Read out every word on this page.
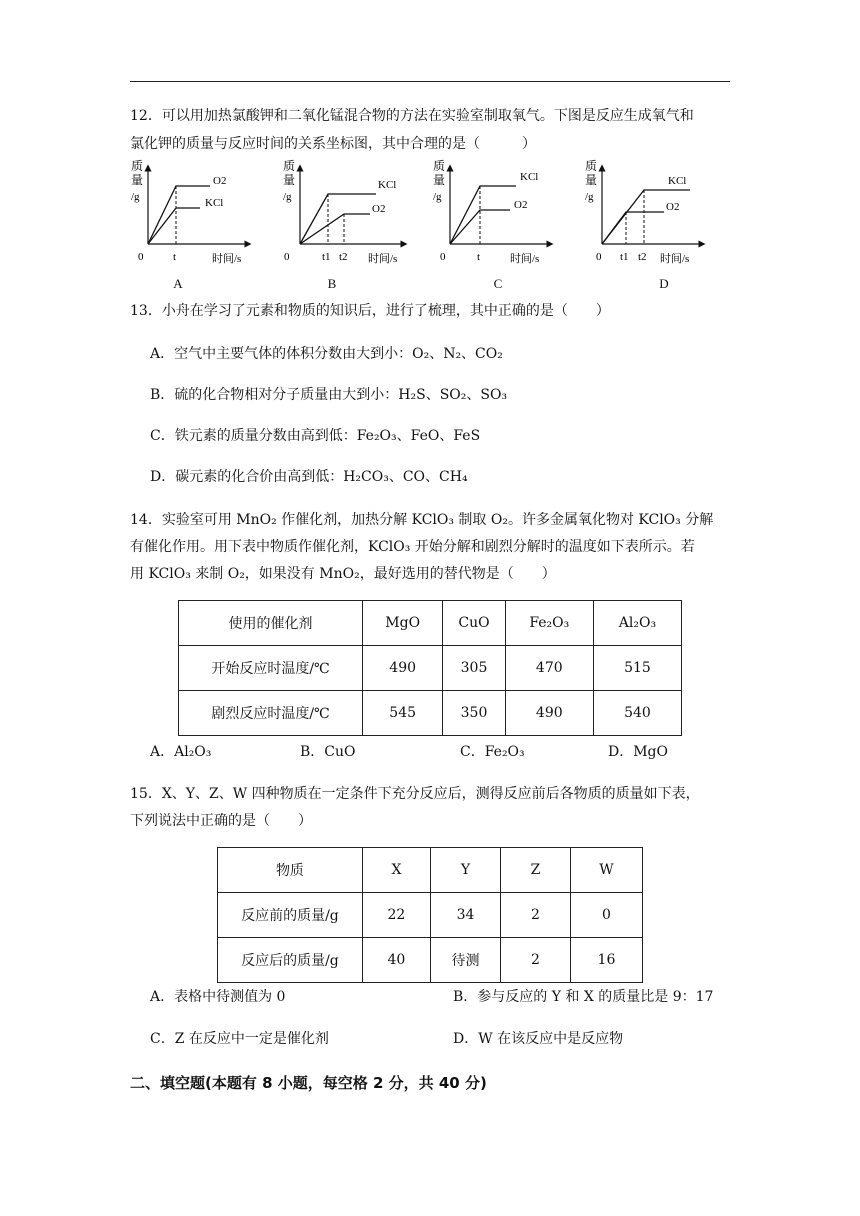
12．可以用加热氯酸钾和二氧化锰混合物的方法在实验室制取氧气。下图是反应生成氧气和
氯化钾的质量与反应时间的关系坐标图，其中合理的是（　　　）
质
量
/g
O2
KCl
0	t	时间/s
质
量
/g
KCl
O2
0	t1 t2 时间/s
质
量
/g
KCl
O2
0	t	时间/s
质
量
/g
KCl
O2
0 t1 t2 时间/s
A	B	C	D
13．小舟在学习了元素和物质的知识后，进行了梳理，其中正确的是（　　）
A．空气中主要气体的体积分数由大到小：O₂、N₂、CO₂
B．硫的化合物相对分子质量由大到小：H₂S、SO₂、SO₃
C．铁元素的质量分数由高到低：Fe₂O₃、FeO、FeS
D．碳元素的化合价由高到低：H₂CO₃、CO、CH₄
14．实验室可用 MnO₂ 作催化剂，加热分解 KClO₃ 制取 O₂。许多金属氧化物对 KClO₃ 分解
有催化作用。用下表中物质作催化剂，KClO₃ 开始分解和剧烈分解时的温度如下表所示。若
用 KClO₃ 来制 O₂，如果没有 MnO₂，最好选用的替代物是（　　）
使用的催化剂	MgO	CuO	Fe₂O₃	Al₂O₃
开始反应时温度/℃	490	305	470	515
剧烈反应时温度/℃	545	350	490	540
A．Al₂O₃	B．CuO	C．Fe₂O₃	D．MgO
15．X、Y、Z、W 四种物质在一定条件下充分反应后，测得反应前后各物质的质量如下表，
下列说法中正确的是（　　）
物质	X	Y	Z	W
反应前的质量/g	22	34	2	0
反应后的质量/g	40	待测	2	16
A．表格中待测值为 0	B．参与反应的 Y 和 X 的质量比是 9：17
C．Z 在反应中一定是催化剂	D．W 在该反应中是反应物
二、填空题(本题有 8 小题，每空格 2 分，共 40 分)
